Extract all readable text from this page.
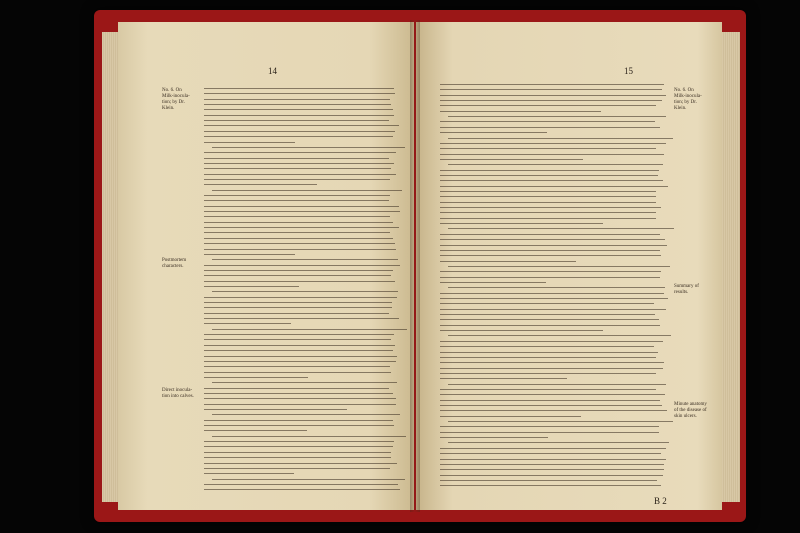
14
No. 6. On Milk-inocula-tion; by Dr. Klein.
Postmortem characters.
Direct inocula-tion into calves.
15
No. 6. On Milk-inocula-tion; by Dr. Klein.
Summary of results.
Minute anatomy of the disease of skin ulcers.
B 2
